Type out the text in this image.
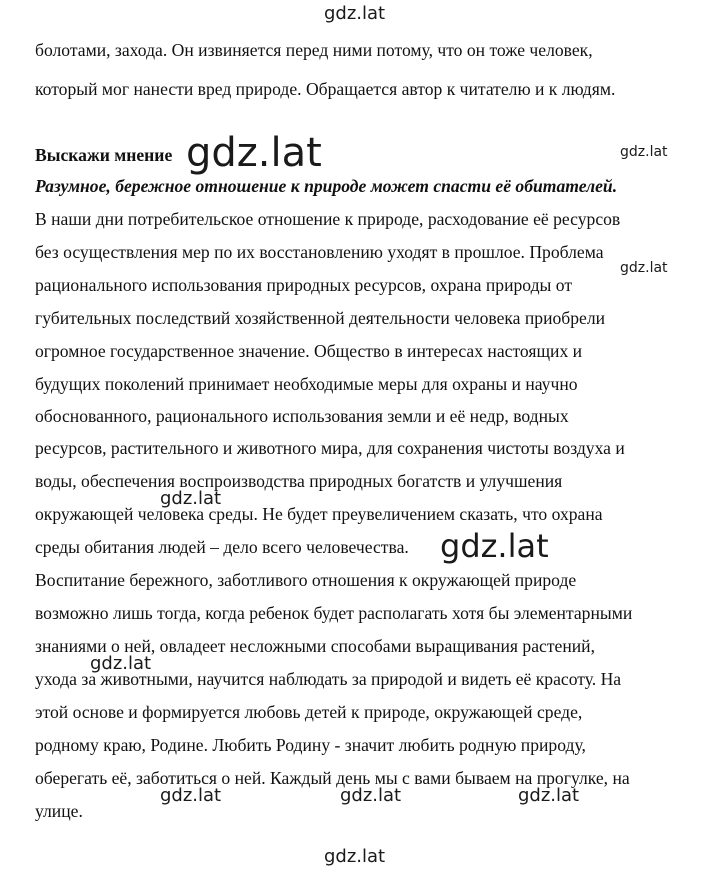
gdz.lat
болотами, захода. Он извиняется перед ними потому, что он тоже человек,
который мог нанести вред природе. Обращается автор к читателю и к людям.
Выскажи мнение gdz.lat	gdz.lat
Разумное, бережное отношение к природе может спасти её обитателей.
В наши дни потребительское отношение к природе, расходование её ресурсов
без осуществления мер по их восстановлению уходят в прошлое. Проблема
gdz.lat
рационального использования природных ресурсов, охрана природы от
губительных последствий хозяйственной деятельности человека приобрели
огромное государственное значение. Общество в интересах настоящих и
будущих поколений принимает необходимые меры для охраны и научно
обоснованного, рационального использования земли и её недр, водных
ресурсов, растительного и животного мира, для сохранения чистоты воздуха и
воды, обеспечения воспроизводства природных богатств и улучшения
gdz.lat
окружающей человека среды. Не будет преувеличением сказать, что охрана
среды обитания людей – дело всего человечества. gdz.lat
Воспитание бережного, заботливого отношения к окружающей природе
возможно лишь тогда, когда ребенок будет располагать хотя бы элементарными
знаниями о ней, овладеет несложными способами выращивания растений,
gdz.lat
ухода за животными, научится наблюдать за природой и видеть её красоту. На
этой основе и формируется любовь детей к природе, окружающей среде,
родному краю, Родине. Любить Родину - значит любить родную природу,
оберегать её, заботиться о ней. Каждый день мы с вами бываем на прогулке, на
gdz.lat	gdz.lat	gdz.lat
улице.
gdz.lat
